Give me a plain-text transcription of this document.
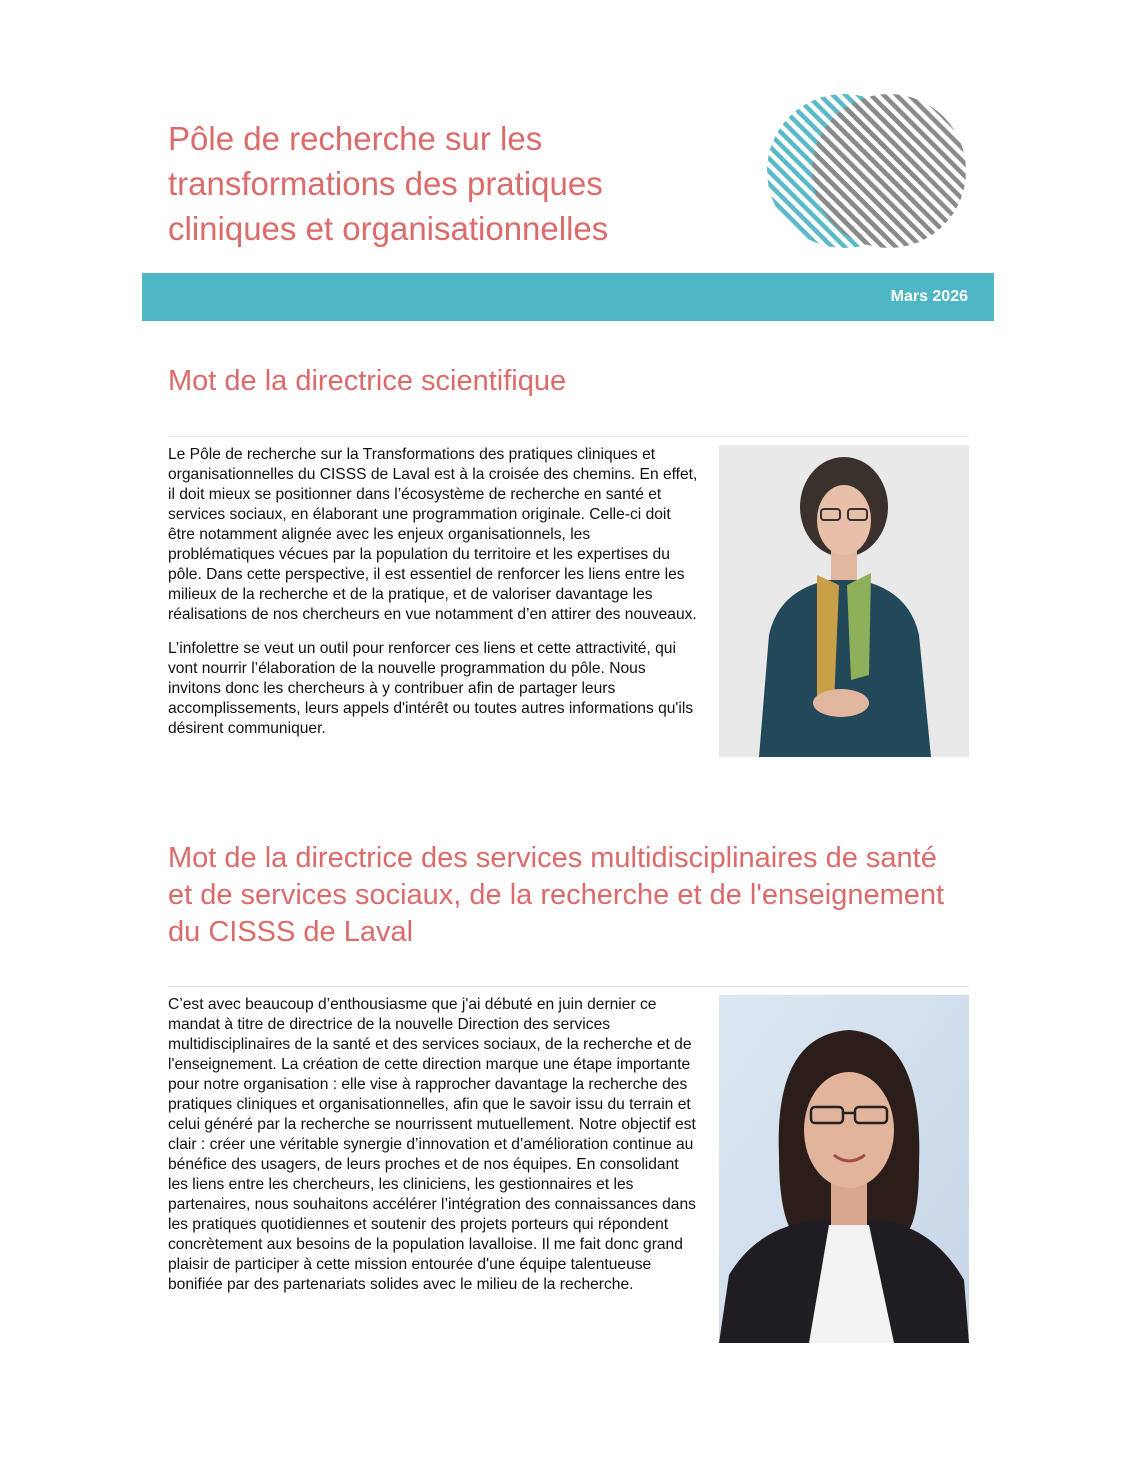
Pôle de recherche sur les transformations des pratiques cliniques et organisationnelles
Mars 2026
Mot de la directrice scientifique

Le Pôle de recherche sur la Transformations des pratiques cliniques et organisationnelles du CISSS de Laval est à la croisée des chemins. En effet, il doit mieux se positionner dans l’écosystème de recherche en santé et services sociaux, en élaborant une programmation originale. Celle-ci doit être notamment alignée avec les enjeux organisationnels, les problématiques vécues par la population du territoire et les expertises du pôle. Dans cette perspective, il est essentiel de renforcer les liens entre les milieux de la recherche et de la pratique, et de valoriser davantage les réalisations de nos chercheurs en vue notamment d’en attirer des nouveaux.

L’infolettre se veut un outil pour renforcer ces liens et cette attractivité, qui vont nourrir l’élaboration de la nouvelle programmation du pôle. Nous invitons donc les chercheurs à y contribuer afin de partager leurs accomplissements, leurs appels d'intérêt ou toutes autres informations qu'ils désirent communiquer.

Mot de la directrice des services multidisciplinaires de santé et de services sociaux, de la recherche et de l'enseignement du CISSS de Laval

C’est avec beaucoup d’enthousiasme que j'ai débuté en juin dernier ce mandat à titre de directrice de la nouvelle Direction des services multidisciplinaires de la santé et des services sociaux, de la recherche et de l'enseignement. La création de cette direction marque une étape importante pour notre organisation : elle vise à rapprocher davantage la recherche des pratiques cliniques et organisationnelles, afin que le savoir issu du terrain et celui généré par la recherche se nourrissent mutuellement. Notre objectif est clair : créer une véritable synergie d’innovation et d’amélioration continue au bénéfice des usagers, de leurs proches et de nos équipes. En consolidant les liens entre les chercheurs, les cliniciens, les gestionnaires et les partenaires, nous souhaitons accélérer l’intégration des connaissances dans les pratiques quotidiennes et soutenir des projets porteurs qui répondent concrètement aux besoins de la population lavalloise. Il me fait donc grand plaisir de participer à cette mission entourée d'une équipe talentueuse bonifiée par des partenariats solides avec le milieu de la recherche.
